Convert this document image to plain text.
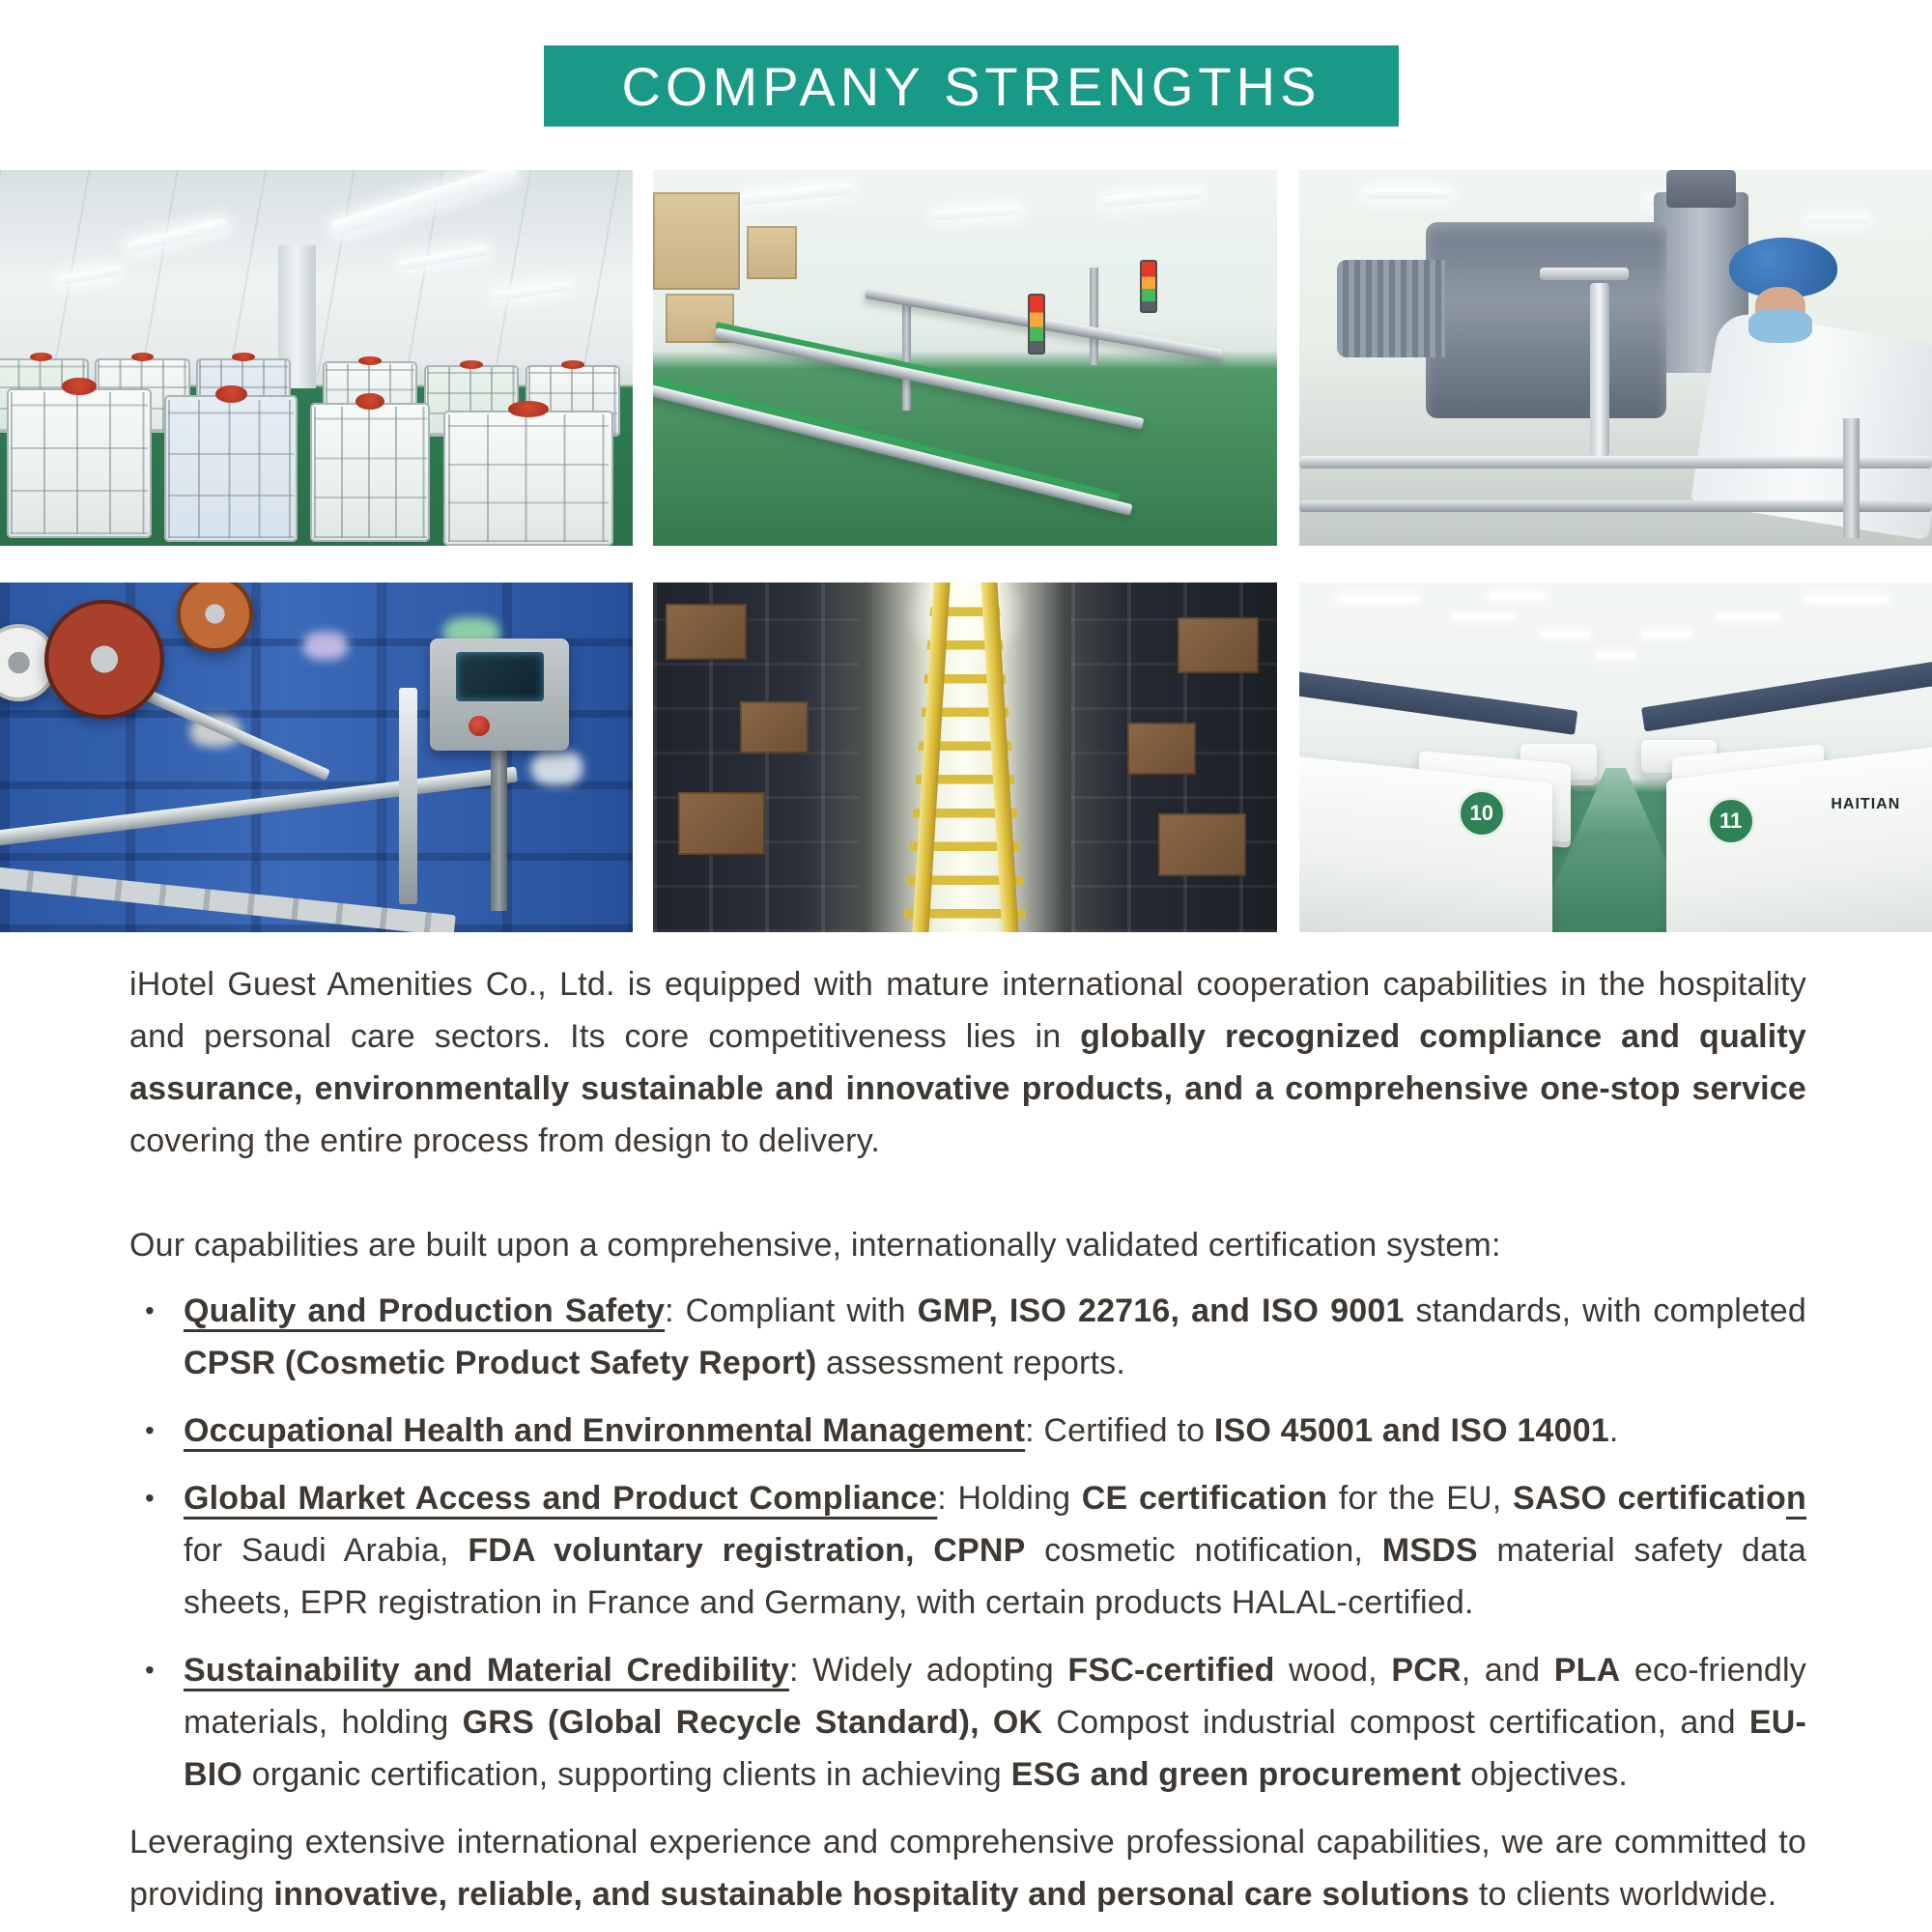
COMPANY STRENGTHS
10	11
HAITIAN

iHotel Guest Amenities Co., Ltd. is equipped with mature international cooperation capabilities in the hospitality and personal care sectors. Its core competitiveness lies in globally recognized compliance and quality assurance, environmentally sustainable and innovative products, and a comprehensive one-stop service covering the entire process from design to delivery.

Our capabilities are built upon a comprehensive, internationally validated certification system:

• Quality and Production Safety: Compliant with GMP, ISO 22716, and ISO 9001 standards, with completed CPSR (Cosmetic Product Safety Report) assessment reports.
• Occupational Health and Environmental Management: Certified to ISO 45001 and ISO 14001.
• Global Market Access and Product Compliance: Holding CE certification for the EU, SASO certification for Saudi Arabia, FDA voluntary registration, CPNP cosmetic notification, MSDS material safety data sheets, EPR registration in France and Germany, with certain products HALAL-certified.
• Sustainability and Material Credibility: Widely adopting FSC-certified wood, PCR, and PLA eco-friendly materials, holding GRS (Global Recycle Standard), OK Compost industrial compost certification, and EU-BIO organic certification, supporting clients in achieving ESG and green procurement objectives.

Leveraging extensive international experience and comprehensive professional capabilities, we are committed to providing innovative, reliable, and sustainable hospitality and personal care solutions to clients worldwide.
